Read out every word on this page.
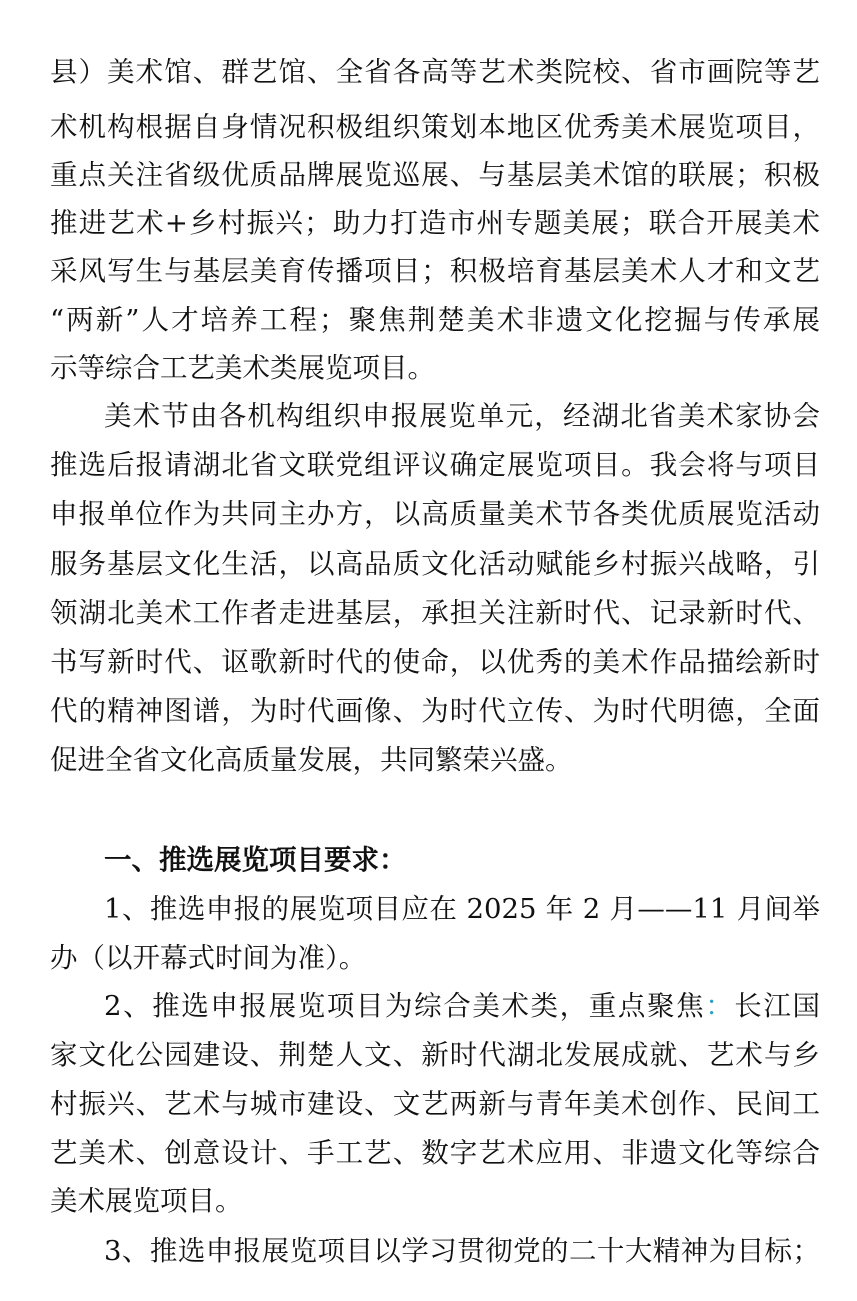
县）美术馆、群艺馆、全省各高等艺术类院校、省市画院等艺
术机构根据自身情况积极组织策划本地区优秀美术展览项目，
重点关注省级优质品牌展览巡展、与基层美术馆的联展；积极
推进艺术+乡村振兴；助力打造市州专题美展；联合开展美术
采风写生与基层美育传播项目；积极培育基层美术人才和文艺
“两新”人才培养工程；聚焦荆楚美术非遗文化挖掘与传承展
示等综合工艺美术类展览项目。
美术节由各机构组织申报展览单元，经湖北省美术家协会
推选后报请湖北省文联党组评议确定展览项目。我会将与项目
申报单位作为共同主办方，以高质量美术节各类优质展览活动
服务基层文化生活，以高品质文化活动赋能乡村振兴战略，引
领湖北美术工作者走进基层，承担关注新时代、记录新时代、
书写新时代、讴歌新时代的使命，以优秀的美术作品描绘新时
代的精神图谱，为时代画像、为时代立传、为时代明德，全面
促进全省文化高质量发展，共同繁荣兴盛。
一、推选展览项目要求：
1、推选申报的展览项目应在 2025 年 2 月——11 月间举
办（以开幕式时间为准）。
2、推选申报展览项目为综合美术类，重点聚焦：长江国
家文化公园建设、荆楚人文、新时代湖北发展成就、艺术与乡
村振兴、艺术与城市建设、文艺两新与青年美术创作、民间工
艺美术、创意设计、手工艺、数字艺术应用、非遗文化等综合
美术展览项目。
3、推选申报展览项目以学习贯彻党的二十大精神为目标；
